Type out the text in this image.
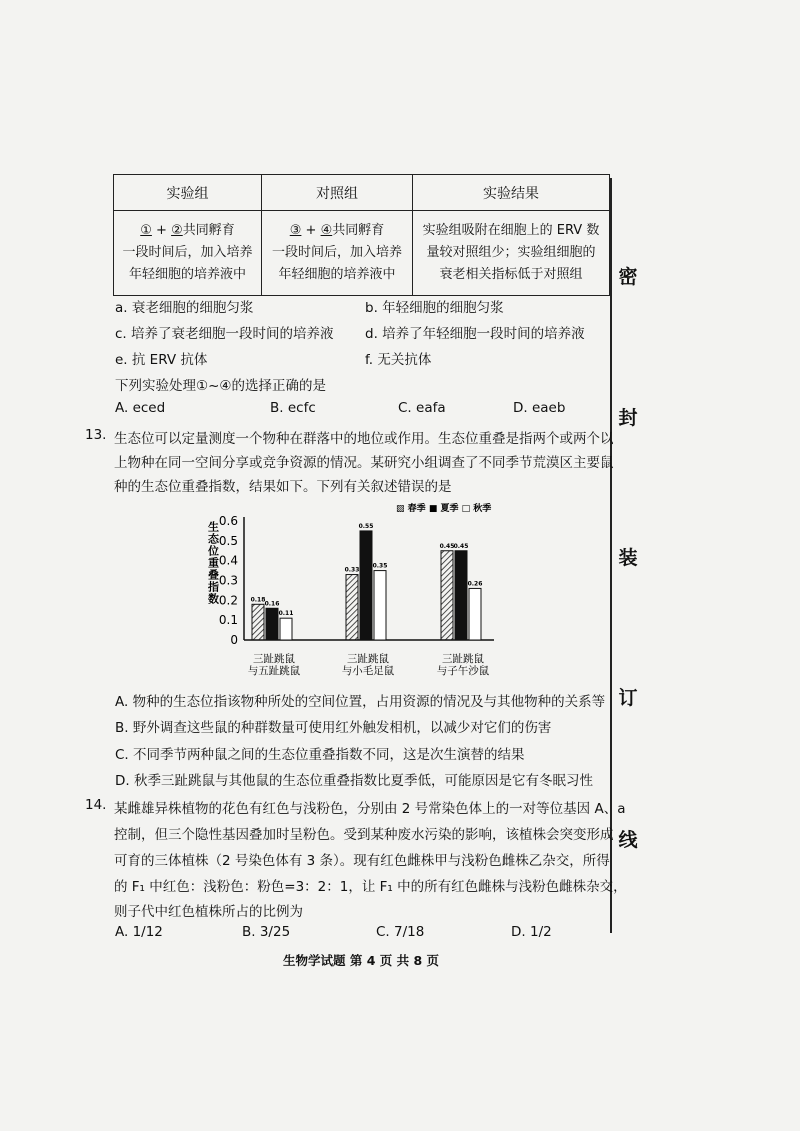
密
封
装
订
线
实验组	对照组	实验结果
① + ②共同孵育
一段时间后，加入培养
年轻细胞的培养液中	③ + ④共同孵育
一段时间后，加入培养
年轻细胞的培养液中	实验组吸附在细胞上的 ERV 数
量较对照组少；实验组细胞的
衰老相关指标低于对照组
a. 衰老细胞的细胞匀浆	b. 年轻细胞的细胞匀浆
c. 培养了衰老细胞一段时间的培养液 d. 培养了年轻细胞一段时间的培养液
e. 抗 ERV 抗体	f. 无关抗体
下列实验处理①~④的选择正确的是
A. eced	B. ecfc	C. eafa	D. eaeb
13. 生态位可以定量测度一个物种在群落中的地位或作用。生态位重叠是指两个或两个以
上物种在同一空间分享或竞争资源的情况。某研究小组调查了不同季节荒漠区主要鼠
种的生态位重叠指数，结果如下。下列有关叙述错误的是
生态位重叠指数
0
0.1
0.2
0.3
0.4
0.5
0.6
三趾跳鼠
与五趾跳鼠
三趾跳鼠
与小毛足鼠
三趾跳鼠
与子午沙鼠
0.18
0.33
0.45
0.16
0.55
0.45
0.11
0.35
0.26
▨ 春季 ■ 夏季 □ 秋季
A. 物种的生态位指该物种所处的空间位置，占用资源的情况及与其他物种的关系等
B. 野外调查这些鼠的种群数量可使用红外触发相机，以减少对它们的伤害
C. 不同季节两种鼠之间的生态位重叠指数不同，这是次生演替的结果
D. 秋季三趾跳鼠与其他鼠的生态位重叠指数比夏季低，可能原因是它有冬眠习性
14. 某雌雄异株植物的花色有红色与浅粉色，分别由 2 号常染色体上的一对等位基因 A、a
控制，但三个隐性基因叠加时呈粉色。受到某种废水污染的影响，该植株会突变形成
可育的三体植株（2 号染色体有 3 条）。现有红色雌株甲与浅粉色雌株乙杂交，所得
的 F₁ 中红色：浅粉色：粉色=3：2：1，让 F₁ 中的所有红色雌株与浅粉色雌株杂交，
则子代中红色植株所占的比例为
A. 1/12	B. 3/25	C. 7/18	D. 1/2
生物学试题 第 4 页 共 8 页
